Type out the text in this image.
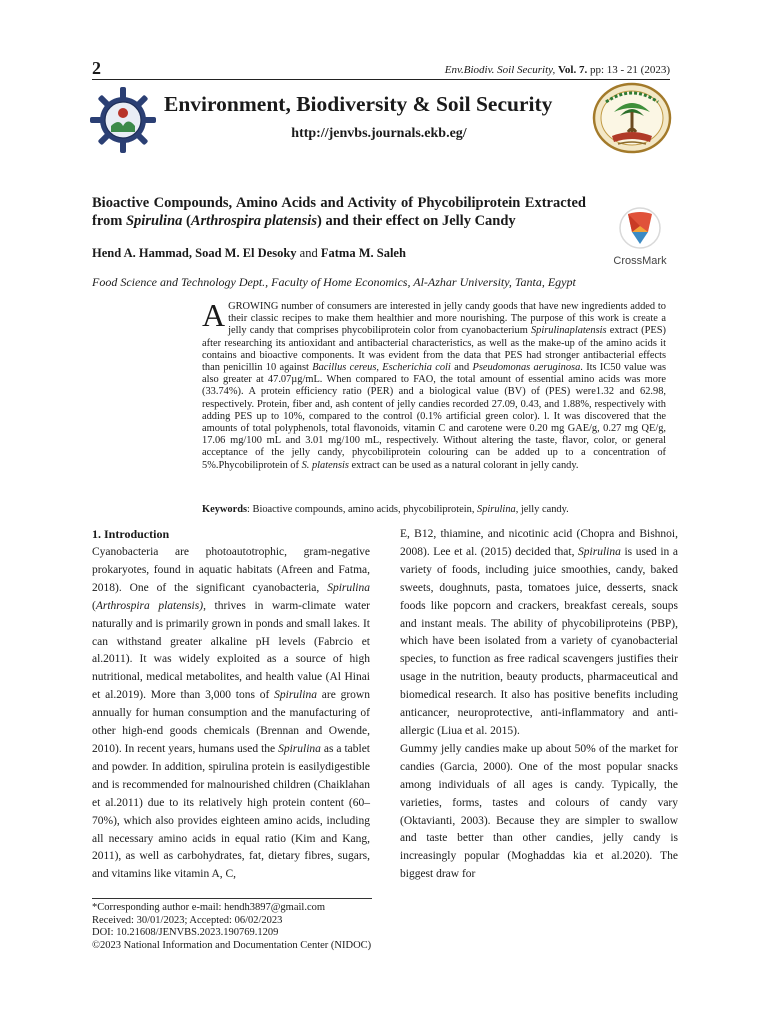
2	Env.Biodiv. Soil Security, Vol. 7. pp: 13 - 21 (2023)
Environment, Biodiversity & Soil Security
http://jenvbs.journals.ekb.eg/
Bioactive Compounds, Amino Acids and Activity of Phycobiliprotein Extracted from Spirulina (Arthrospira platensis) and their effect on Jelly Candy
CrossMark
Hend A. Hammad, Soad M. El Desoky and Fatma M. Saleh
Food Science and Technology Dept., Faculty of Home Economics, Al-Azhar University, Tanta, Egypt
AGROWING number of consumers are interested in jelly candy goods that have new ingredients added to their classic recipes to make them healthier and more nourishing. The purpose of this work is create a jelly candy that comprises phycobiliprotein color from cyanobacterium Spirulinaplatensis extract (PES) after researching its antioxidant and antibacterial characteristics, as well as the make-up of the amino acids it contains and bioactive components. It was evident from the data that PES had stronger antibacterial effects than penicillin 10 against Bacillus cereus, Escherichia coli and Pseudomonas aeruginosa. Its IC50 value was also greater at 47.07µg/mL. When compared to FAO, the total amount of essential amino acids was more (33.74%). A protein efficiency ratio (PER) and a biological value (BV) of (PES) were1.32 and 62.98, respectively. Protein, fiber and, ash content of jelly candies recorded 27.09, 0.43, and 1.88%, respectively with adding PES up to 10%, compared to the control (0.1% artificial green color). l. It was discovered that the amounts of total polyphenols, total flavonoids, vitamin C and carotene were 0.20 mg GAE/g, 0.27 mg QE/g, 17.06 mg/100 mL and 3.01 mg/100 mL, respectively. Without altering the taste, flavor, color, or general acceptance of the jelly candy, phycobiliprotein colouring can be added up to a concentration of 5%.Phycobiliprotein of S. platensis extract can be used as a natural colorant in jelly candy.
Keywords: Bioactive compounds, amino acids, phycobiliprotein, Spirulina, jelly candy.
1. Introduction

Cyanobacteria are photoautotrophic, gram-negative prokaryotes, found in aquatic habitats (Afreen and Fatma, 2018). One of the significant cyanobacteria, Spirulina (Arthrospira platensis), thrives in warm-climate water naturally and is primarily grown in ponds and small lakes. It can withstand greater alkaline pH levels (Fabrcio et al.2011). It was widely exploited as a source of high nutritional, medical metabolites, and health value (Al Hinai et al.2019). More than 3,000 tons of Spirulina are grown annually for human consumption and the manufacturing of other high-end goods chemicals (Brennan and Owende, 2010). In recent years, humans used the Spirulina as a tablet and powder. In addition, spirulina protein is easilydigestible and is recommended for malnourished children (Chaiklahan et al.2011) due to its relatively high protein content (60–70%), which also provides eighteen amino acids, including all necessary amino acids in equal ratio (Kim and Kang, 2011), as well as carbohydrates, fat, dietary fibres, sugars, and vitamins like vitamin A, C,

E, B12, thiamine, and nicotinic acid (Chopra and Bishnoi, 2008). Lee et al. (2015) decided that, Spirulina is used in a variety of foods, including juice smoothies, candy, baked sweets, doughnuts, pasta, tomatoes juice, desserts, snack foods like popcorn and crackers, breakfast cereals, soups and instant meals. The ability of phycobiliproteins (PBP), which have been isolated from a variety of cyanobacterial species, to function as free radical scavengers justifies their usage in the nutrition, beauty products, pharmaceutical and biomedical research. It also has positive benefits including anticancer, neuroprotective, anti-inflammatory and anti-allergic (Liua et al. 2015).

Gummy jelly candies make up about 50% of the market for candies (Garcia, 2000). One of the most popular snacks among individuals of all ages is candy. Typically, the varieties, forms, tastes and colours of candy vary (Oktavianti, 2003). Because they are simpler to swallow and taste better than other candies, jelly candy is increasingly popular (Moghaddas kia et al.2020). The biggest draw for

*Corresponding author e-mail: hendh3897@gmail.com
Received: 30/01/2023; Accepted: 06/02/2023
DOI: 10.21608/JENVBS.2023.190769.1209
©2023 National Information and Documentation Center (NIDOC)
